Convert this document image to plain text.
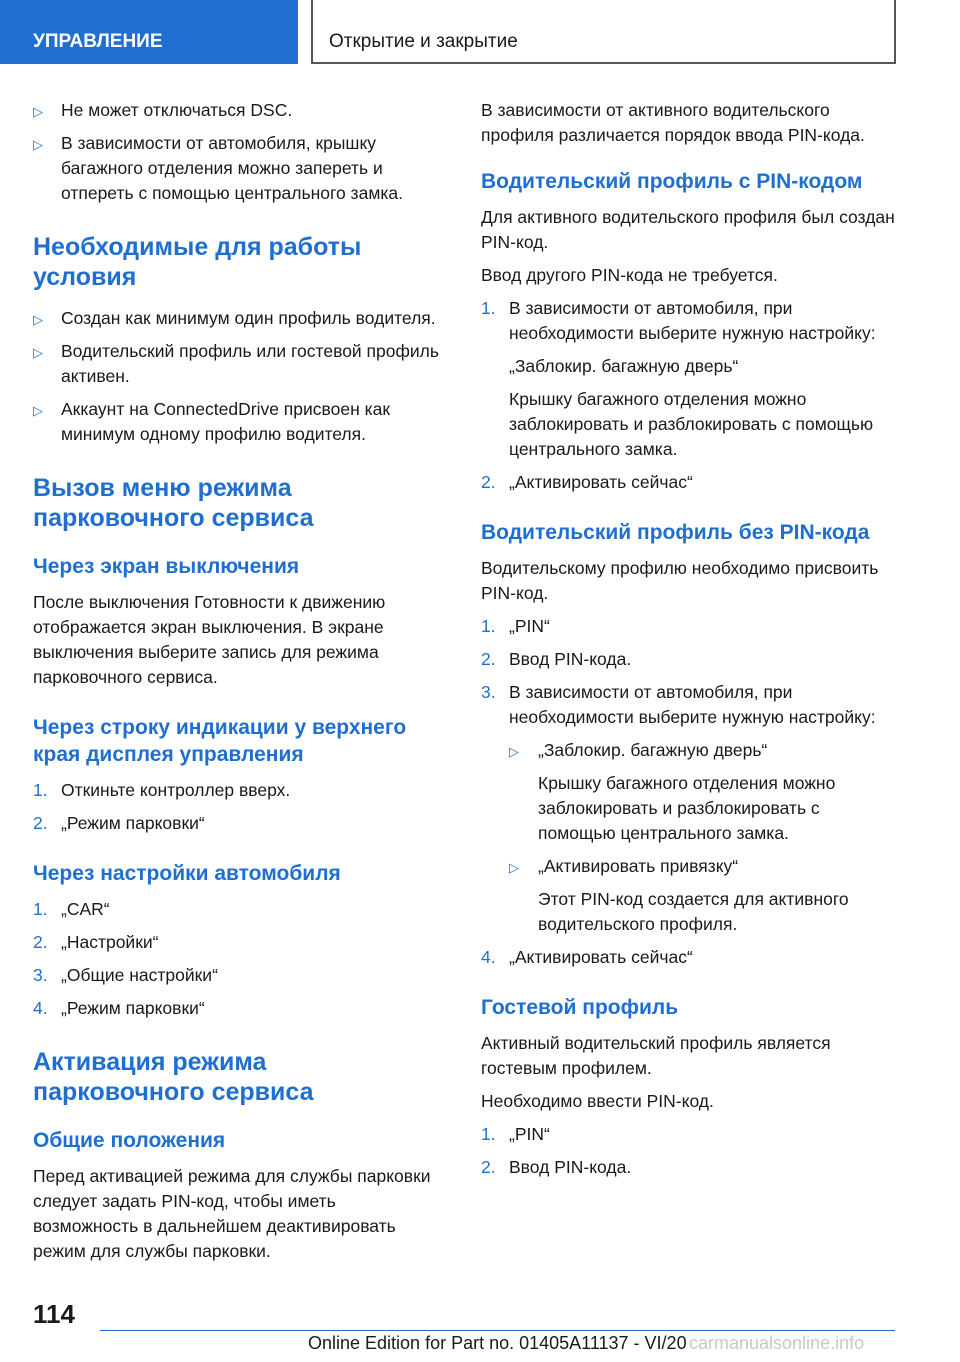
УПРАВЛЕНИЕ	Открытие и закрытие
▷ Не может отключаться DSC.
▷ В зависимости от автомобиля, крышку багажного отделения можно запереть и отпереть с помощью центрального замка.
Необходимые для работы условия
▷ Создан как минимум один профиль водителя.
▷ Водительский профиль или гостевой профиль активен.
▷ Аккаунт на ConnectedDrive присвоен как минимум одному профилю водителя.
Вызов меню режима парковочного сервиса
Через экран выключения

После выключения Готовности к движению отображается экран выключения. В экране выключения выберите запись для режима парковочного сервиса.

Через строку индикации у верхнего края дисплея управления
1. Откиньте контроллер вверх.
2. „Режим парковки“
Через настройки автомобиля
1. „CAR“
2. „Настройки“
3. „Общие настройки“
4. „Режим парковки“
Активация режима парковочного сервиса
Общие положения

Перед активацией режима для службы парковки следует задать PIN-код, чтобы иметь возможность в дальнейшем деактивировать режим для службы парковки.

В зависимости от активного водительского профиля различается порядок ввода PIN-кода.

Водительский профиль с PIN-кодом

Для активного водительского профиля был создан PIN-код.

Ввод другого PIN-кода не требуется.

1. В зависимости от автомобиля, при необходимости выберите нужную настройку:

„Заблокир. багажную дверь“

Крышку багажного отделения можно заблокировать и разблокировать с помощью центрального замка.

2. „Активировать сейчас“
Водительский профиль без PIN-кода

Водительскому профилю необходимо присвоить PIN-код.

1. „PIN“
2. Ввод PIN-кода.
3. В зависимости от автомобиля, при необходимости выберите нужную настройку:
▷ „Заблокир. багажную дверь“

Крышку багажного отделения можно заблокировать и разблокировать с помощью центрального замка.

▷ „Активировать привязку“

Этот PIN-код создается для активного водительского профиля.

4. „Активировать сейчас“
Гостевой профиль

Активный водительский профиль является гостевым профилем.

Необходимо ввести PIN-код.

1. „PIN“
2. Ввод PIN-кода.
114
Online Edition for Part no. 01405A11137 - VI/20 carmanualsonline.info
